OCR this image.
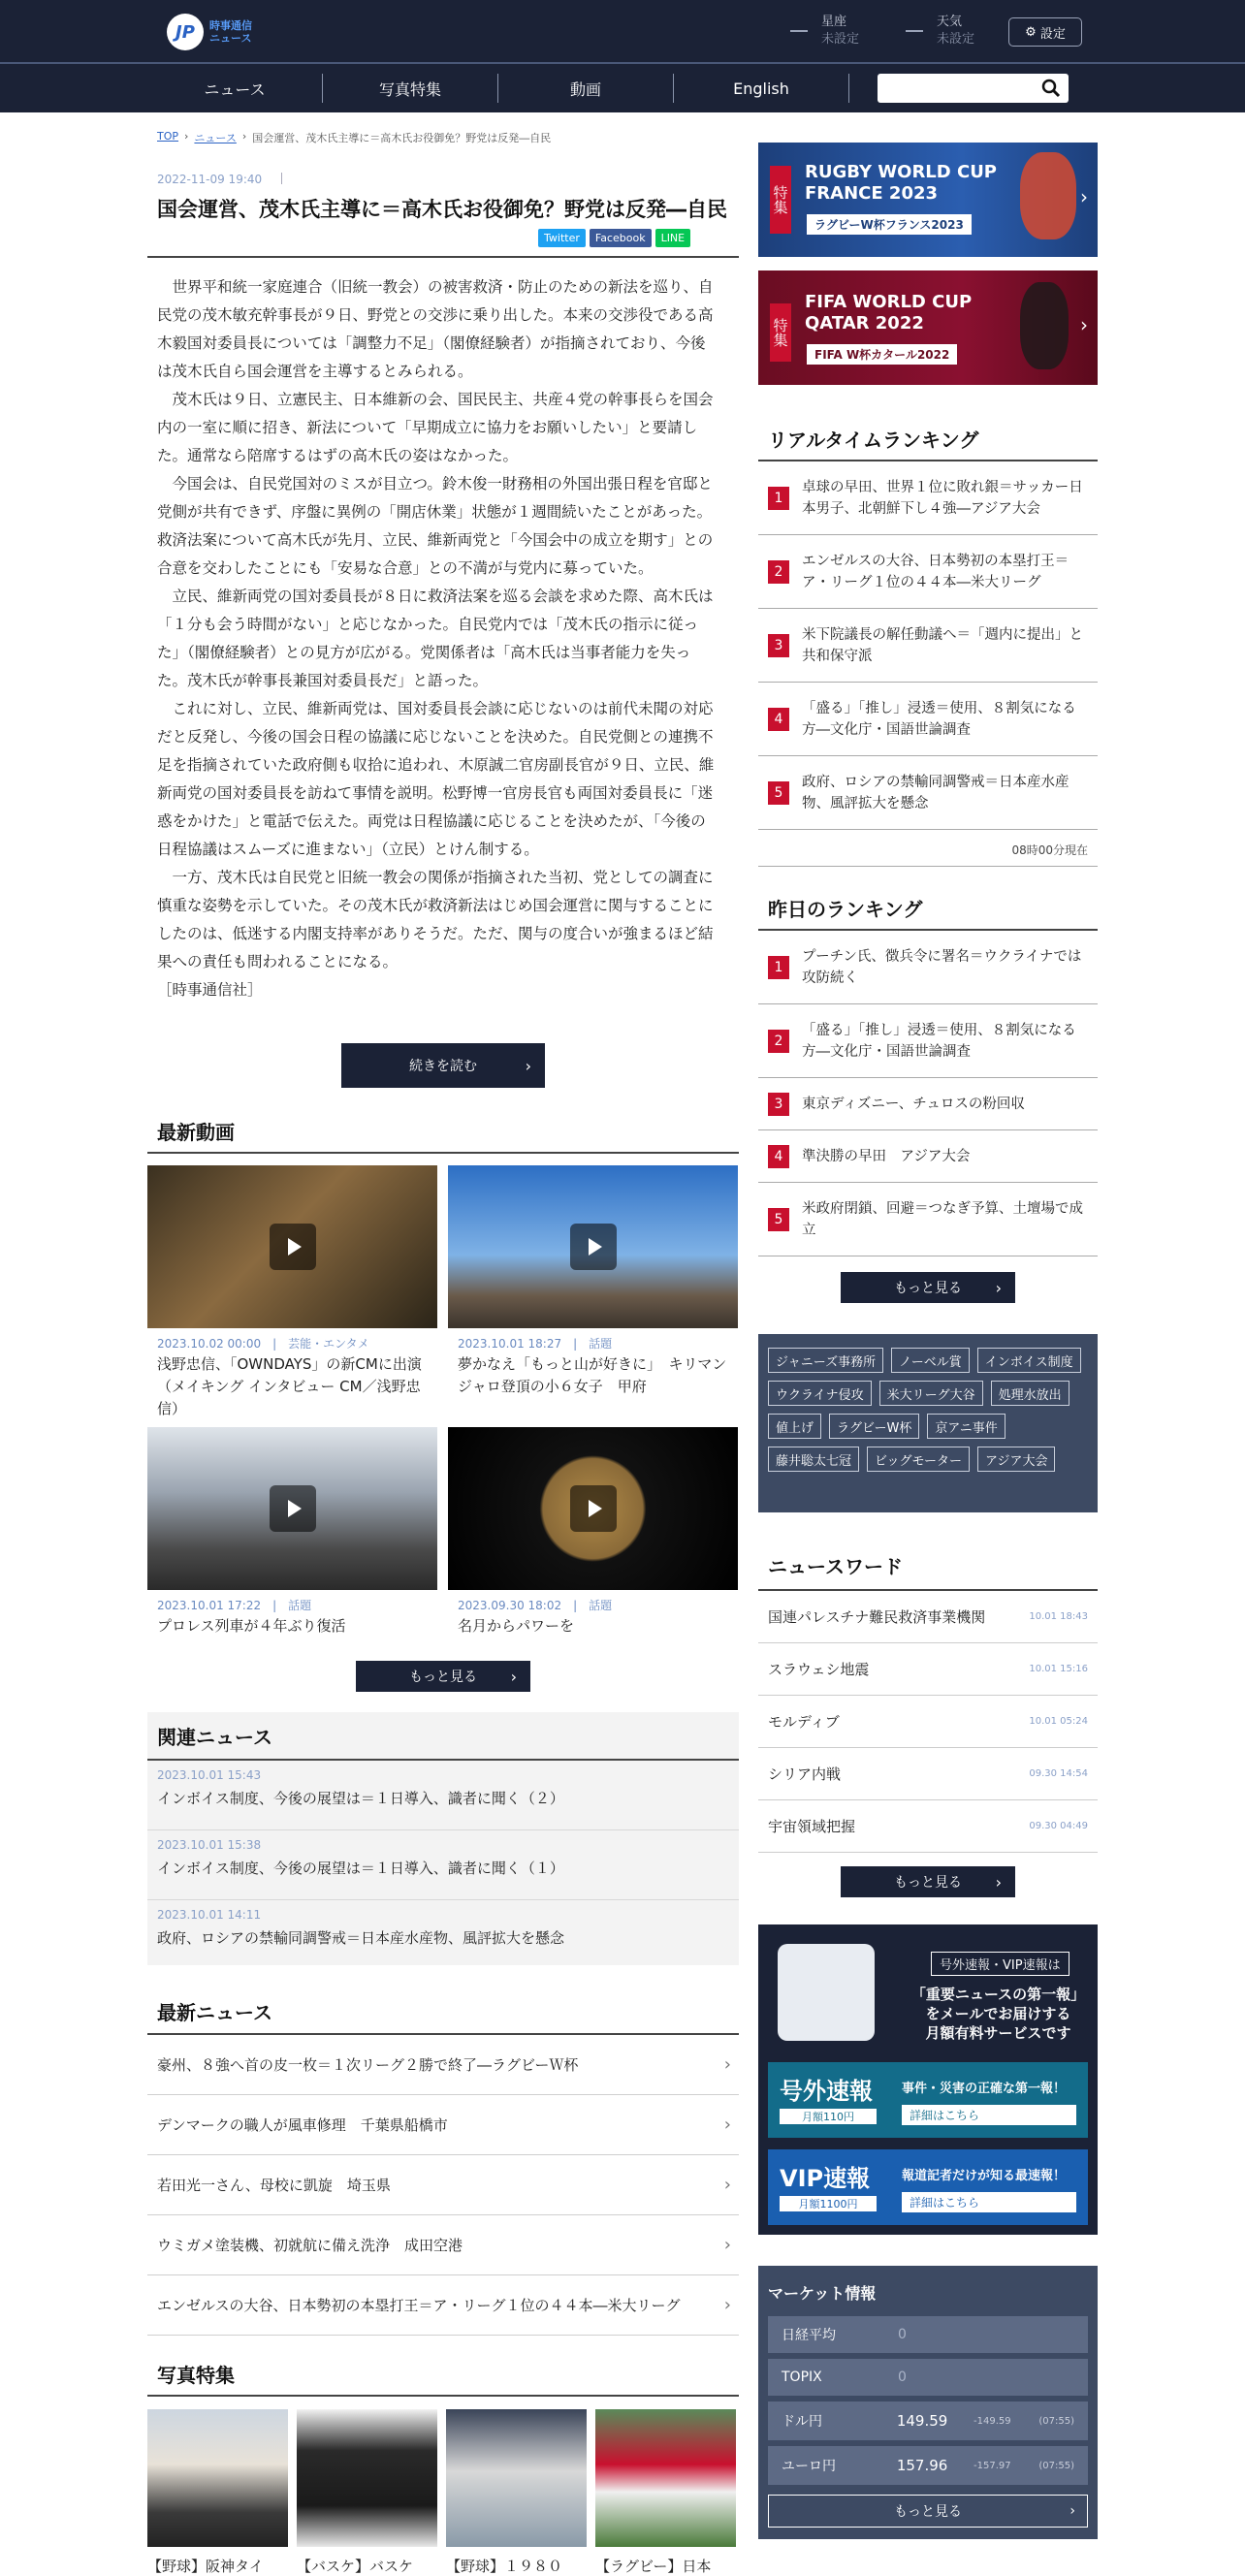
JP	時事通信
ニュース
星座
未設定
天気
未設定	⚙ 設定
ニュース	写真特集	動画	English
TOP › ニュース › 国会運営、茂木氏主導に＝高木氏お役御免？野党は反発―自民
2022-11-09 19:40
国会運営、茂木氏主導に＝高木氏お役御免？野党は反発―自民
Twitter	Facebook	LINE

世界平和統一家庭連合（旧統一教会）の被害救済・防止のための新法を巡り、自民党の茂木敏充幹事長が９日、野党との交渉に乗り出した。本来の交渉役である高木毅国対委員長については「調整力不足」（閣僚経験者）が指摘されており、今後は茂木氏自ら国会運営を主導するとみられる。

茂木氏は９日、立憲民主、日本維新の会、国民民主、共産４党の幹事長らを国会内の一室に順に招き、新法について「早期成立に協力をお願いしたい」と要請した。通常なら陪席するはずの高木氏の姿はなかった。

今国会は、自民党国対のミスが目立つ。鈴木俊一財務相の外国出張日程を官邸と党側が共有できず、序盤に異例の「開店休業」状態が１週間続いたことがあった。救済法案について高木氏が先月、立民、維新両党と「今国会中の成立を期す」との合意を交わしたことにも「安易な合意」との不満が与党内に募っていた。

立民、維新両党の国対委員長が８日に救済法案を巡る会談を求めた際、高木氏は「１分も会う時間がない」と応じなかった。自民党内では「茂木氏の指示に従った」（閣僚経験者）との見方が広がる。党関係者は「高木氏は当事者能力を失った。茂木氏が幹事長兼国対委員長だ」と語った。

これに対し、立民、維新両党は、国対委員長会談に応じないのは前代未聞の対応だと反発し、今後の国会日程の協議に応じないことを決めた。自民党側との連携不足を指摘されていた政府側も収拾に追われ、木原誠二官房副長官が９日、立民、維新両党の国対委員長を訪ねて事情を説明。松野博一官房長官も両国対委員長に「迷惑をかけた」と電話で伝えた。両党は日程協議に応じることを決めたが、「今後の日程協議はスムーズに進まない」（立民）とけん制する。

一方、茂木氏は自民党と旧統一教会の関係が指摘された当初、党としての調査に慎重な姿勢を示していた。その茂木氏が救済新法はじめ国会運営に関与することにしたのは、低迷する内閣支持率がありそうだ。ただ、関与の度合いが強まるほど結果への責任も問われることになる。

［時事通信社］
続きを読む ›
最新動画
2023.10.02 00:00　|　芸能・エンタメ	2023.10.01 18:27　|　話題
浅野忠信、「OWNDAYS」の新CMに出演（メイキング インタビュー CM／浅野忠信）
夢かなえ「もっと山が好きに」　キリマンジャロ登頂の小６女子　甲府
2023.10.01 17:22　|　話題	2023.09.30 18:02　|　話題
プロレス列車が４年ぶり復活	名月からパワーを
もっと見る ›
関連ニュース
2023.10.01 15:43
インボイス制度、今後の展望は＝１日導入、識者に聞く（２）
2023.10.01 15:38
インボイス制度、今後の展望は＝１日導入、識者に聞く（１）
2023.10.01 14:11
政府、ロシアの禁輸同調警戒＝日本産水産物、風評拡大を懸念
最新ニュース
豪州、８強へ首の皮一枚＝１次リーグ２勝で終了―ラグビーＷ杯 ›
デンマークの職人が風車修理　千葉県船橋市 ›
若田光一さん、母校に凱旋　埼玉県 ›
ウミガメ塗装機、初就航に備え洗浄　成田空港 ›
エンゼルスの大谷、日本勢初の本塁打王＝ア・リーグ１位の４４本―米大リーグ ›
写真特集
【野球】阪神タイ	【バスケ】バスケ	【野球】１９８０	【ラグビー】日本
特集
RUGBY WORLD CUP
FRANCE 2023
ラグビーW杯フランス2023
›
特集
FIFA WORLD CUP
QATAR 2022
FIFA W杯カタール2022
›
リアルタイムランキング
1
卓球の早田、世界１位に敗れ銀＝サッカー日本男子、北朝鮮下し４強―アジア大会
2
エンゼルスの大谷、日本勢初の本塁打王＝ア・リーグ１位の４４本―米大リーグ
3
米下院議長の解任動議へ＝「週内に提出」と共和保守派
4
「盛る」「推し」浸透＝使用、８割気になる方―文化庁・国語世論調査
5
政府、ロシアの禁輸同調警戒＝日本産水産物、風評拡大を懸念
08時00分現在
昨日のランキング
1
プーチン氏、徴兵令に署名＝ウクライナでは攻防続く
2
「盛る」「推し」浸透＝使用、８割気になる方―文化庁・国語世論調査
3	東京ディズニー、チュロスの粉回収
4	準決勝の早田　アジア大会
5
米政府閉鎖、回避＝つなぎ予算、土壇場で成立
もっと見る ›
ジャニーズ事務所	ノーベル賞	インボイス制度
ウクライナ侵攻	米大リーグ大谷	処理水放出
値上げ	ラグビーW杯	京アニ事件
藤井聡太七冠	ビッグモーター	アジア大会
ニュースワード
国連パレスチナ難民救済事業機関	10.01 18:43
スラウェシ地震	10.01 15:16
モルディブ	10.01 05:24
シリア内戦	09.30 14:54
宇宙領域把握	09.30 04:49
もっと見る ›
号外速報・VIP速報は
「重要ニュースの第一報」
をメールでお届けする
月額有料サービスです
号外速報
月額110円
事件・災害の正確な第一報！
詳細はこちら
VIP速報
月額1100円
報道記者だけが知る最速報！
詳細はこちら
マーケット情報
日経平均	0
TOPIX	0
ドル円	149.59	-149.59	(07:55)
ユーロ円	157.96	-157.97	(07:55)
もっと見る	›
